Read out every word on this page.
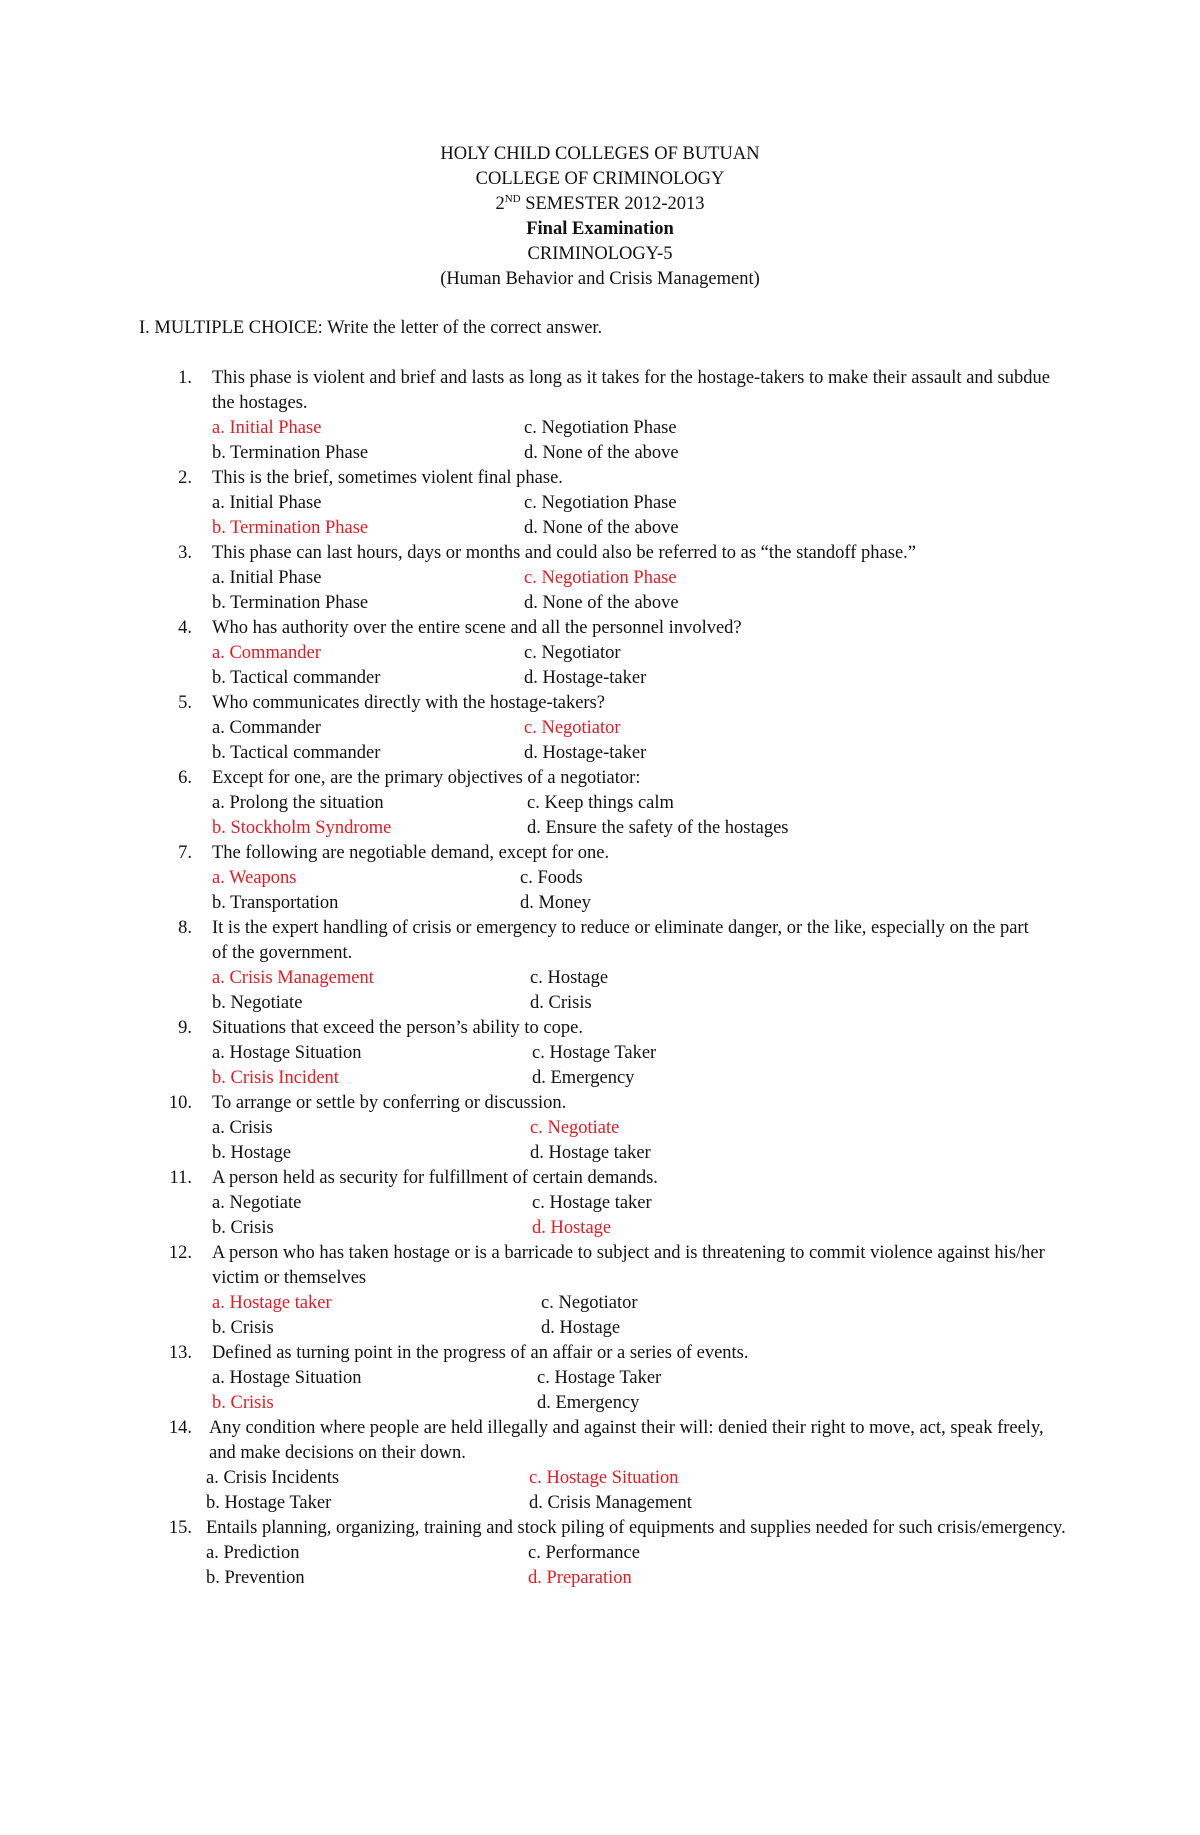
HOLY CHILD COLLEGES OF BUTUAN
COLLEGE OF CRIMINOLOGY
2ND SEMESTER 2012-2013
Final Examination
CRIMINOLOGY-5
(Human Behavior and Crisis Management)
I. MULTIPLE CHOICE: Write the letter of the correct answer.
1. This phase is violent and brief and lasts as long as it takes for the hostage-takers to make their assault and subdue the hostages.
a. Initial Phase	c. Negotiation Phase
b. Termination Phase	d. None of the above
2. This is the brief, sometimes violent final phase.
a. Initial Phase	c. Negotiation Phase
b. Termination Phase	d. None of the above
3. This phase can last hours, days or months and could also be referred to as “the standoff phase.”
a. Initial Phase	c. Negotiation Phase
b. Termination Phase	d. None of the above
4. Who has authority over the entire scene and all the personnel involved?
a. Commander	c. Negotiator
b. Tactical commander	d. Hostage-taker
5. Who communicates directly with the hostage-takers?
a. Commander	c. Negotiator
b. Tactical commander	d. Hostage-taker
6. Except for one, are the primary objectives of a negotiator:
a. Prolong the situation	c. Keep things calm
b. Stockholm Syndrome	d. Ensure the safety of the hostages
7. The following are negotiable demand, except for one.
a. Weapons	c. Foods
b. Transportation	d. Money
8. It is the expert handling of crisis or emergency to reduce or eliminate danger, or the like, especially on the part of the government.
a. Crisis Management	c. Hostage
b. Negotiate	d. Crisis
9. Situations that exceed the person’s ability to cope.
a. Hostage Situation	c. Hostage Taker
b. Crisis Incident	d. Emergency
10. To arrange or settle by conferring or discussion.
a. Crisis	c. Negotiate
b. Hostage	d. Hostage taker
11. A person held as security for fulfillment of certain demands.
a. Negotiate	c. Hostage taker
b. Crisis	d. Hostage
12. A person who has taken hostage or is a barricade to subject and is threatening to commit violence against his/her victim or themselves
a. Hostage taker	c. Negotiator
b. Crisis	d. Hostage
13. Defined as turning point in the progress of an affair or a series of events.
a. Hostage Situation	c. Hostage Taker
b. Crisis	d. Emergency
14. Any condition where people are held illegally and against their will: denied their right to move, act, speak freely, and make decisions on their down.
a. Crisis Incidents	c. Hostage Situation
b. Hostage Taker	d. Crisis Management
15. Entails planning, organizing, training and stock piling of equipments and supplies needed for such crisis/emergency.
a. Prediction	c. Performance
b. Prevention	d. Preparation
